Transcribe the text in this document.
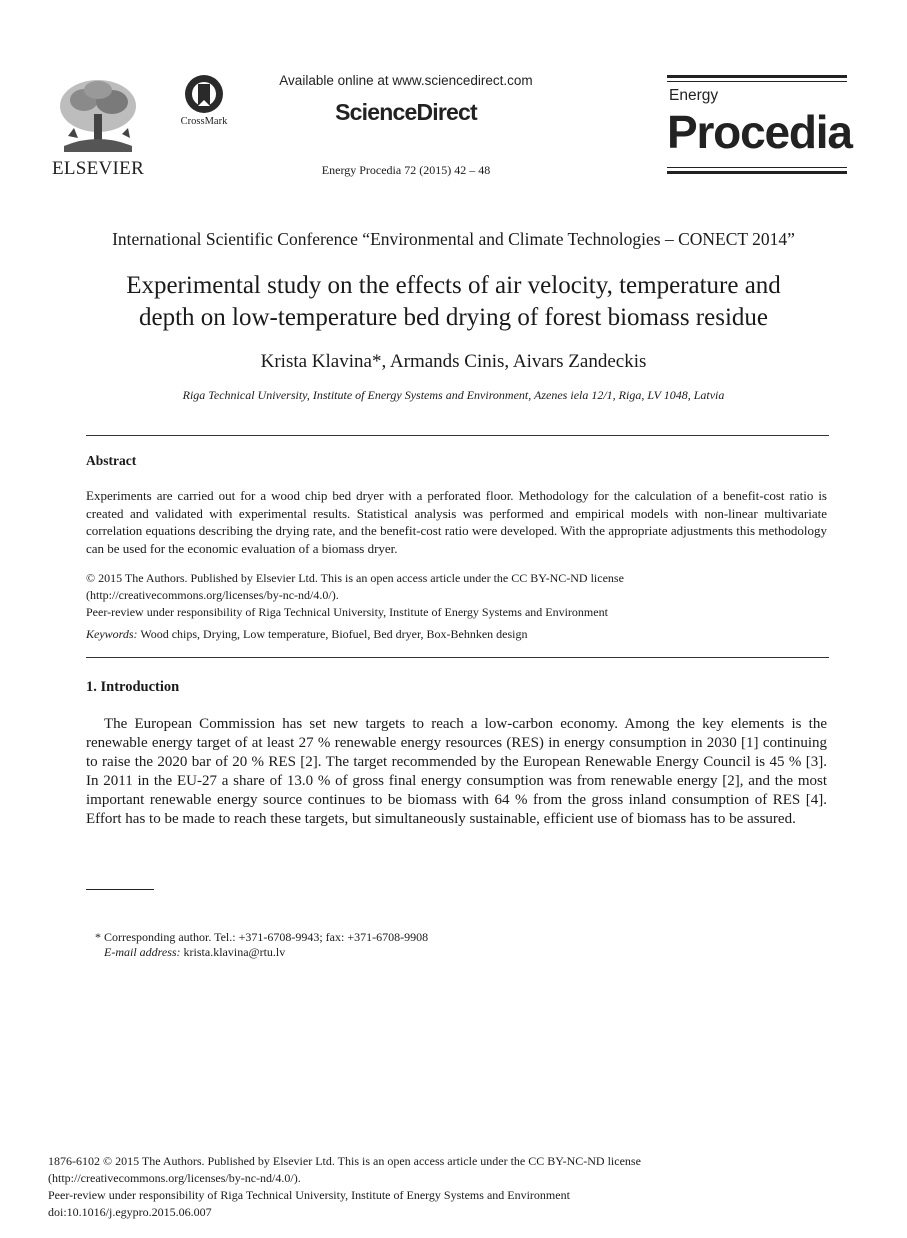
ELSEVIER
CrossMark
Available online at www.sciencedirect.com
ScienceDirect
Energy Procedia 72 (2015) 42 – 48
Energy
Procedia
International Scientific Conference “Environmental and Climate Technologies – CONECT 2014”
Experimental study on the effects of air velocity, temperature and
depth on low-temperature bed drying of forest biomass residue
Krista Klavina*, Armands Cinis, Aivars Zandeckis
Riga Technical University, Institute of Energy Systems and Environment, Azenes iela 12/1, Riga, LV 1048, Latvia
Abstract
Experiments are carried out for a wood chip bed dryer with a perforated floor. Methodology for the calculation of a benefit-cost ratio is created and validated with experimental results. Statistical analysis was performed and empirical models with non-linear multivariate correlation equations describing the drying rate, and the benefit-cost ratio were developed. With the appropriate adjustments this methodology can be used for the economic evaluation of a biomass dryer.
© 2015 The Authors. Published by Elsevier Ltd. This is an open access article under the CC BY-NC-ND license
(http://creativecommons.org/licenses/by-nc-nd/4.0/).
Peer-review under responsibility of Riga Technical University, Institute of Energy Systems and Environment
Keywords: Wood chips, Drying, Low temperature, Biofuel, Bed dryer, Box-Behnken design
1. Introduction
The European Commission has set new targets to reach a low-carbon economy. Among the key elements is the renewable energy target of at least 27 % renewable energy resources (RES) in energy consumption in 2030 [1] continuing to raise the 2020 bar of 20 % RES [2]. The target recommended by the European Renewable Energy Council is 45 % [3]. In 2011 in the EU-27 a share of 13.0 % of gross final energy consumption was from renewable energy [2], and the most important renewable energy source continues to be biomass with 64 % from the gross inland consumption of RES [4]. Effort has to be made to reach these targets, but simultaneously sustainable, efficient use of biomass has to be assured.
* Corresponding author. Tel.: +371-6708-9943; fax: +371-6708-9908
E-mail address: krista.klavina@rtu.lv
1876-6102 © 2015 The Authors. Published by Elsevier Ltd. This is an open access article under the CC BY-NC-ND license
(http://creativecommons.org/licenses/by-nc-nd/4.0/).
Peer-review under responsibility of Riga Technical University, Institute of Energy Systems and Environment
doi:10.1016/j.egypro.2015.06.007
